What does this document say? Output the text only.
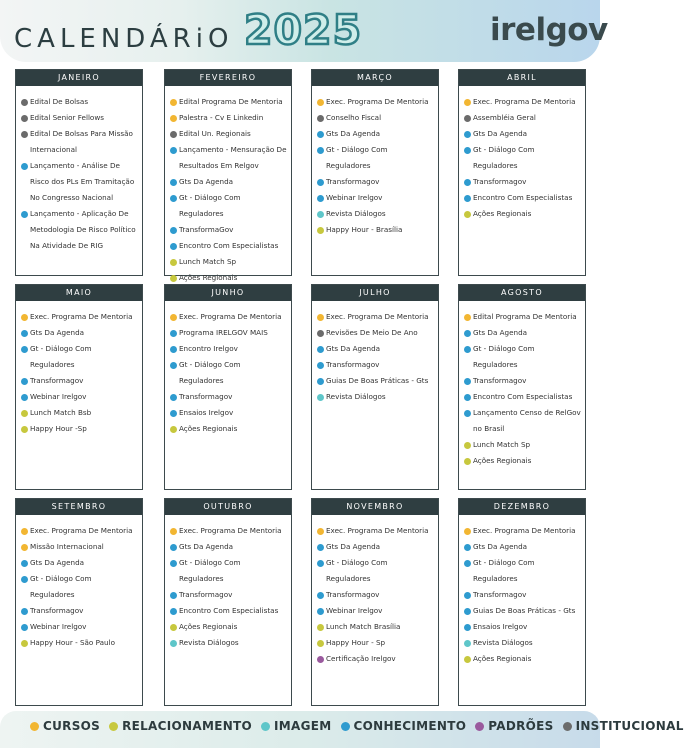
CALENDÁRiO 2025	irelgov
JANEIRO
Edital De Bolsas
Edital Senior Fellows
Edital De Bolsas Para Missão Internacional
Lançamento - Análise De Risco dos PLs Em Tramitação No Congresso Nacional
Lançamento - Aplicação De Metodologia De Risco Político Na Atividade De RIG
FEVEREIRO
Edital Programa De Mentoria
Palestra - Cv E Linkedin
Edital Un. Regionais
Lançamento - Mensuração De Resultados Em Relgov
Gts Da Agenda
Gt - Diálogo Com Reguladores
TransformaGov
Encontro Com Especialistas
Lunch Match Sp
Ações Regionais
MARÇO
Exec. Programa De Mentoria
Conselho Fiscal
Gts Da Agenda
Gt - Diálogo Com Reguladores
Transformagov
Webinar Irelgov
Revista Diálogos
Happy Hour - Brasília
ABRIL
Exec. Programa De Mentoria
Assembléia Geral
Gts Da Agenda
Gt - Diálogo Com Reguladores
Transformagov
Encontro Com Especialistas
Ações Regionais
MAIO
Exec. Programa De Mentoria
Gts Da Agenda
Gt - Diálogo Com Reguladores
Transformagov
Webinar Irelgov
Lunch Match Bsb
Happy Hour -Sp
JUNHO
Exec. Programa De Mentoria
Programa IRELGOV MAIS
Encontro Irelgov
Gt - Diálogo Com Reguladores
Transformagov
Ensaios Irelgov
Ações Regionais
JULHO
Exec. Programa De Mentoria
Revisões De Meio De Ano
Gts Da Agenda
Transformagov
Guias De Boas Práticas - Gts
Revista Diálogos
AGOSTO
Edital Programa De Mentoria
Gts Da Agenda
Gt - Diálogo Com Reguladores
Transformagov
Encontro Com Especialistas
Lançamento Censo de RelGov no Brasil
Lunch Match Sp
Ações Regionais
SETEMBRO
Exec. Programa De Mentoria
Missão Internacional
Gts Da Agenda
Gt - Diálogo Com Reguladores
Transformagov
Webinar Irelgov
Happy Hour - São Paulo
OUTUBRO
Exec. Programa De Mentoria
Gts Da Agenda
Gt - Diálogo Com Reguladores
Transformagov
Encontro Com Especialistas
Ações Regionais
Revista Diálogos
NOVEMBRO
Exec. Programa De Mentoria
Gts Da Agenda
Gt - Diálogo Com Reguladores
Transformagov
Webinar Irelgov
Lunch Match Brasília
Happy Hour - Sp
Certificação Irelgov
DEZEMBRO
Exec. Programa De Mentoria
Gts Da Agenda
Gt - Diálogo Com Reguladores
Transformagov
Guias De Boas Práticas - Gts
Ensaios Irelgov
Revista Diálogos
Ações Regionais
CURSOS RELACIONAMENTO IMAGEM CONHECIMENTO PADRÕES INSTITUCIONAL
